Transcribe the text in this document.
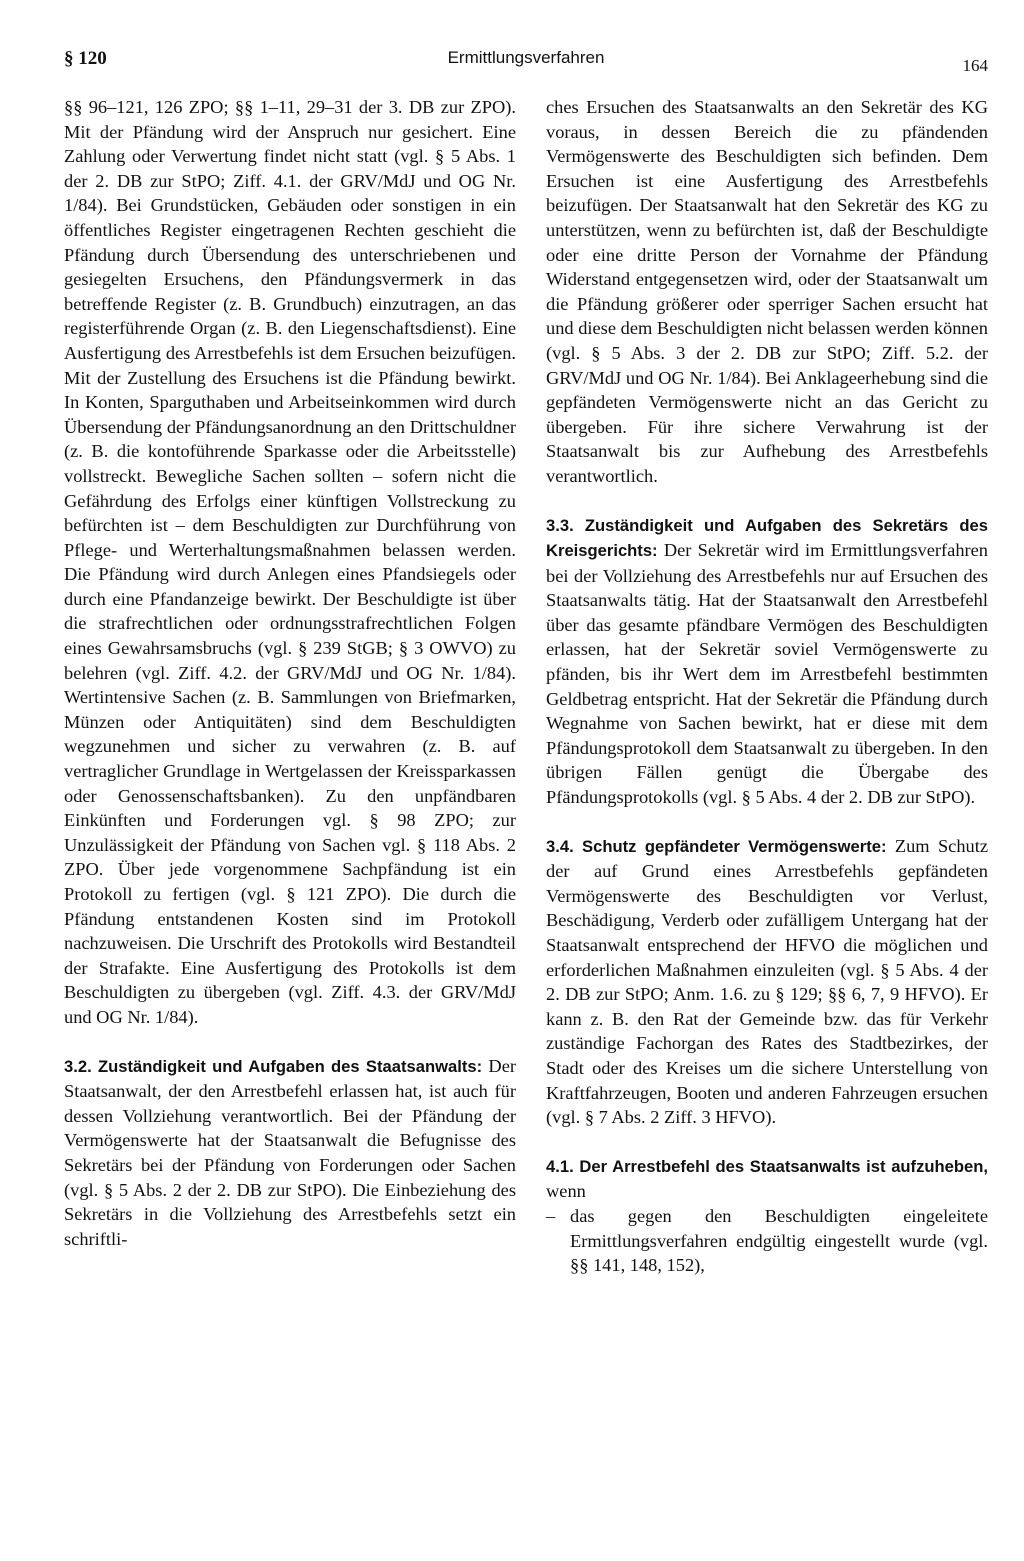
§ 120	Ermittlungsverfahren	164

§§ 96–121, 126 ZPO; §§ 1–11, 29–31 der 3. DB zur ZPO). Mit der Pfändung wird der Anspruch nur gesichert. Eine Zahlung oder Verwertung findet nicht statt (vgl. § 5 Abs. 1 der 2. DB zur StPO; Ziff. 4.1. der GRV/MdJ und OG Nr. 1/84). Bei Grundstücken, Gebäuden oder sonstigen in ein öffentliches Register eingetragenen Rechten geschieht die Pfändung durch Übersendung des unterschriebenen und gesiegelten Ersuchens, den Pfändungsvermerk in das betreffende Register (z. B. Grundbuch) einzutragen, an das registerführende Organ (z. B. den Liegenschaftsdienst). Eine Ausfertigung des Arrestbefehls ist dem Ersuchen beizufügen. Mit der Zustellung des Ersuchens ist die Pfändung bewirkt. In Konten, Sparguthaben und Arbeitseinkommen wird durch Übersendung der Pfändungsanordnung an den Drittschuldner (z. B. die kontoführende Sparkasse oder die Arbeitsstelle) vollstreckt. Bewegliche Sachen sollten – sofern nicht die Gefährdung des Erfolgs einer künftigen Vollstreckung zu befürchten ist – dem Beschuldigten zur Durchführung von Pflege- und Werterhaltungsmaßnahmen belassen werden. Die Pfändung wird durch Anlegen eines Pfandsiegels oder durch eine Pfandanzeige bewirkt. Der Beschuldigte ist über die strafrechtlichen oder ordnungsstrafrechtlichen Folgen eines Gewahrsamsbruchs (vgl. § 239 StGB; § 3 OWVO) zu belehren (vgl. Ziff. 4.2. der GRV/MdJ und OG Nr. 1/84). Wertintensive Sachen (z. B. Sammlungen von Briefmarken, Münzen oder Antiquitäten) sind dem Beschuldigten wegzunehmen und sicher zu verwahren (z. B. auf vertraglicher Grundlage in Wertgelassen der Kreissparkassen oder Genossenschaftsbanken). Zu den unpfändbaren Einkünften und Forderungen vgl. § 98 ZPO; zur Unzulässigkeit der Pfändung von Sachen vgl. § 118 Abs. 2 ZPO. Über jede vorgenommene Sachpfändung ist ein Protokoll zu fertigen (vgl. § 121 ZPO). Die durch die Pfändung entstandenen Kosten sind im Protokoll nachzuweisen. Die Urschrift des Protokolls wird Bestandteil der Strafakte. Eine Ausfertigung des Protokolls ist dem Beschuldigten zu übergeben (vgl. Ziff. 4.3. der GRV/MdJ und OG Nr. 1/84).

3.2. Zuständigkeit und Aufgaben des Staatsanwalts: Der Staatsanwalt, der den Arrestbefehl erlassen hat, ist auch für dessen Vollziehung verantwortlich. Bei der Pfändung der Vermögenswerte hat der Staatsanwalt die Befugnisse des Sekretärs bei der Pfändung von Forderungen oder Sachen (vgl. § 5 Abs. 2 der 2. DB zur StPO). Die Einbeziehung des Sekretärs in die Vollziehung des Arrestbefehls setzt ein schriftli-

ches Ersuchen des Staatsanwalts an den Sekretär des KG voraus, in dessen Bereich die zu pfändenden Vermögenswerte des Beschuldigten sich befinden. Dem Ersuchen ist eine Ausfertigung des Arrestbefehls beizufügen. Der Staatsanwalt hat den Sekretär des KG zu unterstützen, wenn zu befürchten ist, daß der Beschuldigte oder eine dritte Person der Vornahme der Pfändung Widerstand entgegensetzen wird, oder der Staatsanwalt um die Pfändung größerer oder sperriger Sachen ersucht hat und diese dem Beschuldigten nicht belassen werden können (vgl. § 5 Abs. 3 der 2. DB zur StPO; Ziff. 5.2. der GRV/MdJ und OG Nr. 1/84). Bei Anklageerhebung sind die gepfändeten Vermögenswerte nicht an das Gericht zu übergeben. Für ihre sichere Verwahrung ist der Staatsanwalt bis zur Aufhebung des Arrestbefehls verantwortlich.

3.3. Zuständigkeit und Aufgaben des Sekretärs des Kreisgerichts: Der Sekretär wird im Ermittlungsverfahren bei der Vollziehung des Arrestbefehls nur auf Ersuchen des Staatsanwalts tätig. Hat der Staatsanwalt den Arrestbefehl über das gesamte pfändbare Vermögen des Beschuldigten erlassen, hat der Sekretär soviel Vermögenswerte zu pfänden, bis ihr Wert dem im Arrestbefehl bestimmten Geldbetrag entspricht. Hat der Sekretär die Pfändung durch Wegnahme von Sachen bewirkt, hat er diese mit dem Pfändungsprotokoll dem Staatsanwalt zu übergeben. In den übrigen Fällen genügt die Übergabe des Pfändungsprotokolls (vgl. § 5 Abs. 4 der 2. DB zur StPO).

3.4. Schutz gepfändeter Vermögenswerte: Zum Schutz der auf Grund eines Arrestbefehls gepfändeten Vermögenswerte des Beschuldigten vor Verlust, Beschädigung, Verderb oder zufälligem Untergang hat der Staatsanwalt entsprechend der HFVO die möglichen und erforderlichen Maßnahmen einzuleiten (vgl. § 5 Abs. 4 der 2. DB zur StPO; Anm. 1.6. zu § 129; §§ 6, 7, 9 HFVO). Er kann z. B. den Rat der Gemeinde bzw. das für Verkehr zuständige Fachorgan des Rates des Stadtbezirkes, der Stadt oder des Kreises um die sichere Unterstellung von Kraftfahrzeugen, Booten und anderen Fahrzeugen ersuchen (vgl. § 7 Abs. 2 Ziff. 3 HFVO).

4.1. Der Arrestbefehl des Staatsanwalts ist aufzuheben, wenn

– das gegen den Beschuldigten eingeleitete Ermittlungsverfahren endgültig eingestellt wurde (vgl. §§ 141, 148, 152),
